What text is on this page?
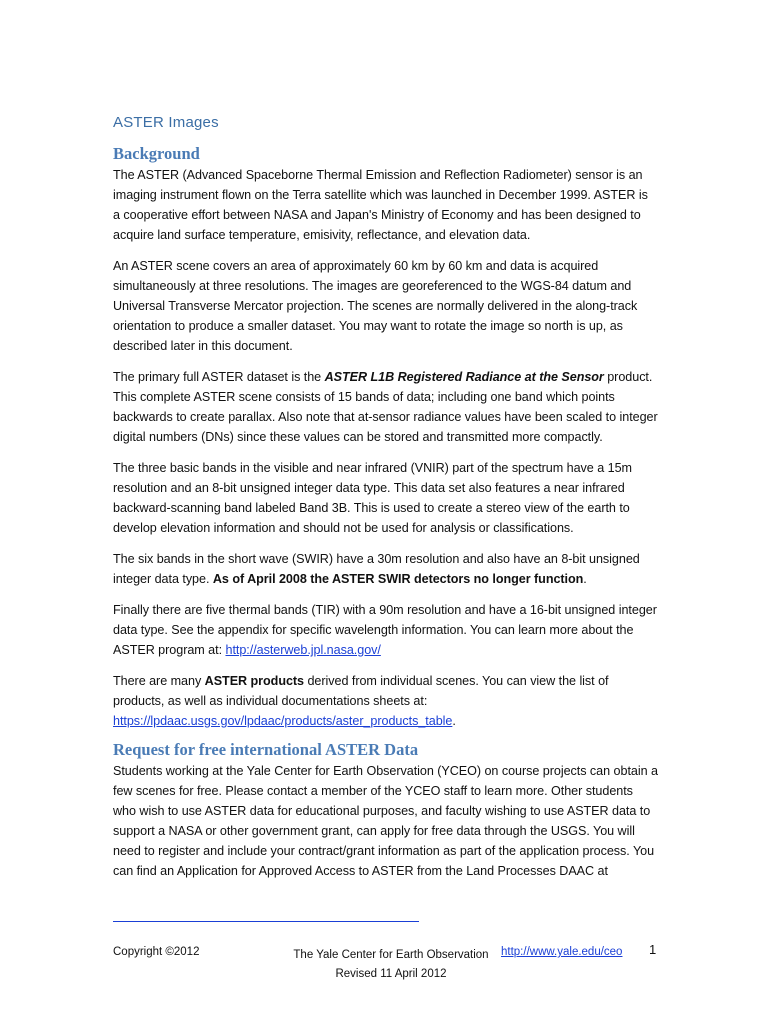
ASTER Images
Background

The ASTER (Advanced Spaceborne Thermal Emission and Reflection Radiometer) sensor is an imaging instrument flown on the Terra satellite which was launched in December 1999. ASTER is a cooperative effort between NASA and Japan's Ministry of Economy and has been designed to acquire land surface temperature, emisivity, reflectance, and elevation data.

An ASTER scene covers an area of approximately 60 km by 60 km and data is acquired simultaneously at three resolutions. The images are georeferenced to the WGS-84 datum and Universal Transverse Mercator projection. The scenes are normally delivered in the along-track orientation to produce a smaller dataset. You may want to rotate the image so north is up, as described later in this document.

The primary full ASTER dataset is the ASTER L1B Registered Radiance at the Sensor product. This complete ASTER scene consists of 15 bands of data; including one band which points backwards to create parallax. Also note that at-sensor radiance values have been scaled to integer digital numbers (DNs) since these values can be stored and transmitted more compactly.

The three basic bands in the visible and near infrared (VNIR) part of the spectrum have a 15m resolution and an 8-bit unsigned integer data type. This data set also features a near infrared backward-scanning band labeled Band 3B. This is used to create a stereo view of the earth to develop elevation information and should not be used for analysis or classifications.

The six bands in the short wave (SWIR) have a 30m resolution and also have an 8-bit unsigned integer data type. As of April 2008 the ASTER SWIR detectors no longer function.

Finally there are five thermal bands (TIR) with a 90m resolution and have a 16-bit unsigned integer data type. See the appendix for specific wavelength information. You can learn more about the ASTER program at: http://asterweb.jpl.nasa.gov/

There are many ASTER products derived from individual scenes. You can view the list of products, as well as individual documentations sheets at: https://lpdaac.usgs.gov/lpdaac/products/aster_products_table.

Request for free international ASTER Data

Students working at the Yale Center for Earth Observation (YCEO) on course projects can obtain a few scenes for free. Please contact a member of the YCEO staff to learn more. Other students who wish to use ASTER data for educational purposes, and faculty wishing to use ASTER data to support a NASA or other government grant, can apply for free data through the USGS. You will need to register and include your contract/grant information as part of the application process. You can find an Application for Approved Access to ASTER from the Land Processes DAAC at

Copyright ©2012	The Yale Center for Earth Observation
Revised 11 April 2012
http://www.yale.edu/ceo 1
